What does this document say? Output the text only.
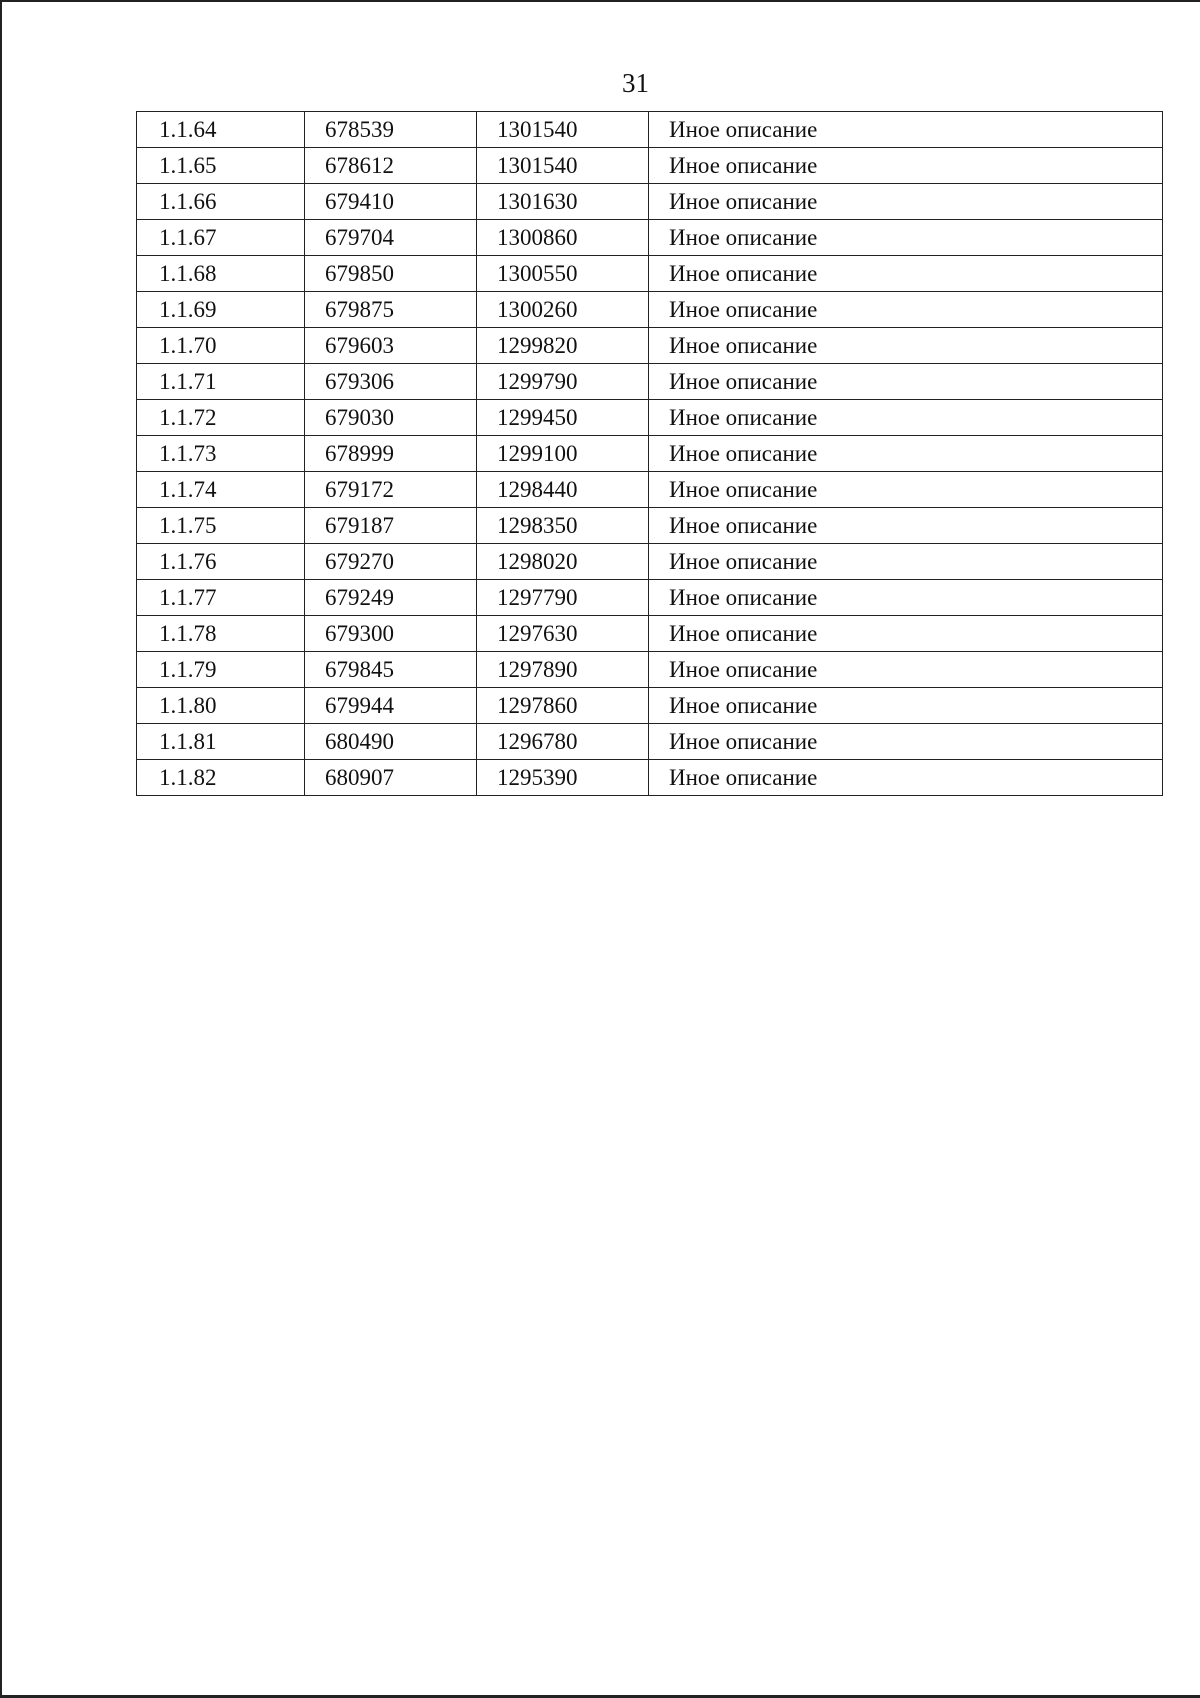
31
1.1.64	678539	1301540	Иное описание
1.1.65	678612	1301540	Иное описание
1.1.66	679410	1301630	Иное описание
1.1.67	679704	1300860	Иное описание
1.1.68	679850	1300550	Иное описание
1.1.69	679875	1300260	Иное описание
1.1.70	679603	1299820	Иное описание
1.1.71	679306	1299790	Иное описание
1.1.72	679030	1299450	Иное описание
1.1.73	678999	1299100	Иное описание
1.1.74	679172	1298440	Иное описание
1.1.75	679187	1298350	Иное описание
1.1.76	679270	1298020	Иное описание
1.1.77	679249	1297790	Иное описание
1.1.78	679300	1297630	Иное описание
1.1.79	679845	1297890	Иное описание
1.1.80	679944	1297860	Иное описание
1.1.81	680490	1296780	Иное описание
1.1.82	680907	1295390	Иное описание
